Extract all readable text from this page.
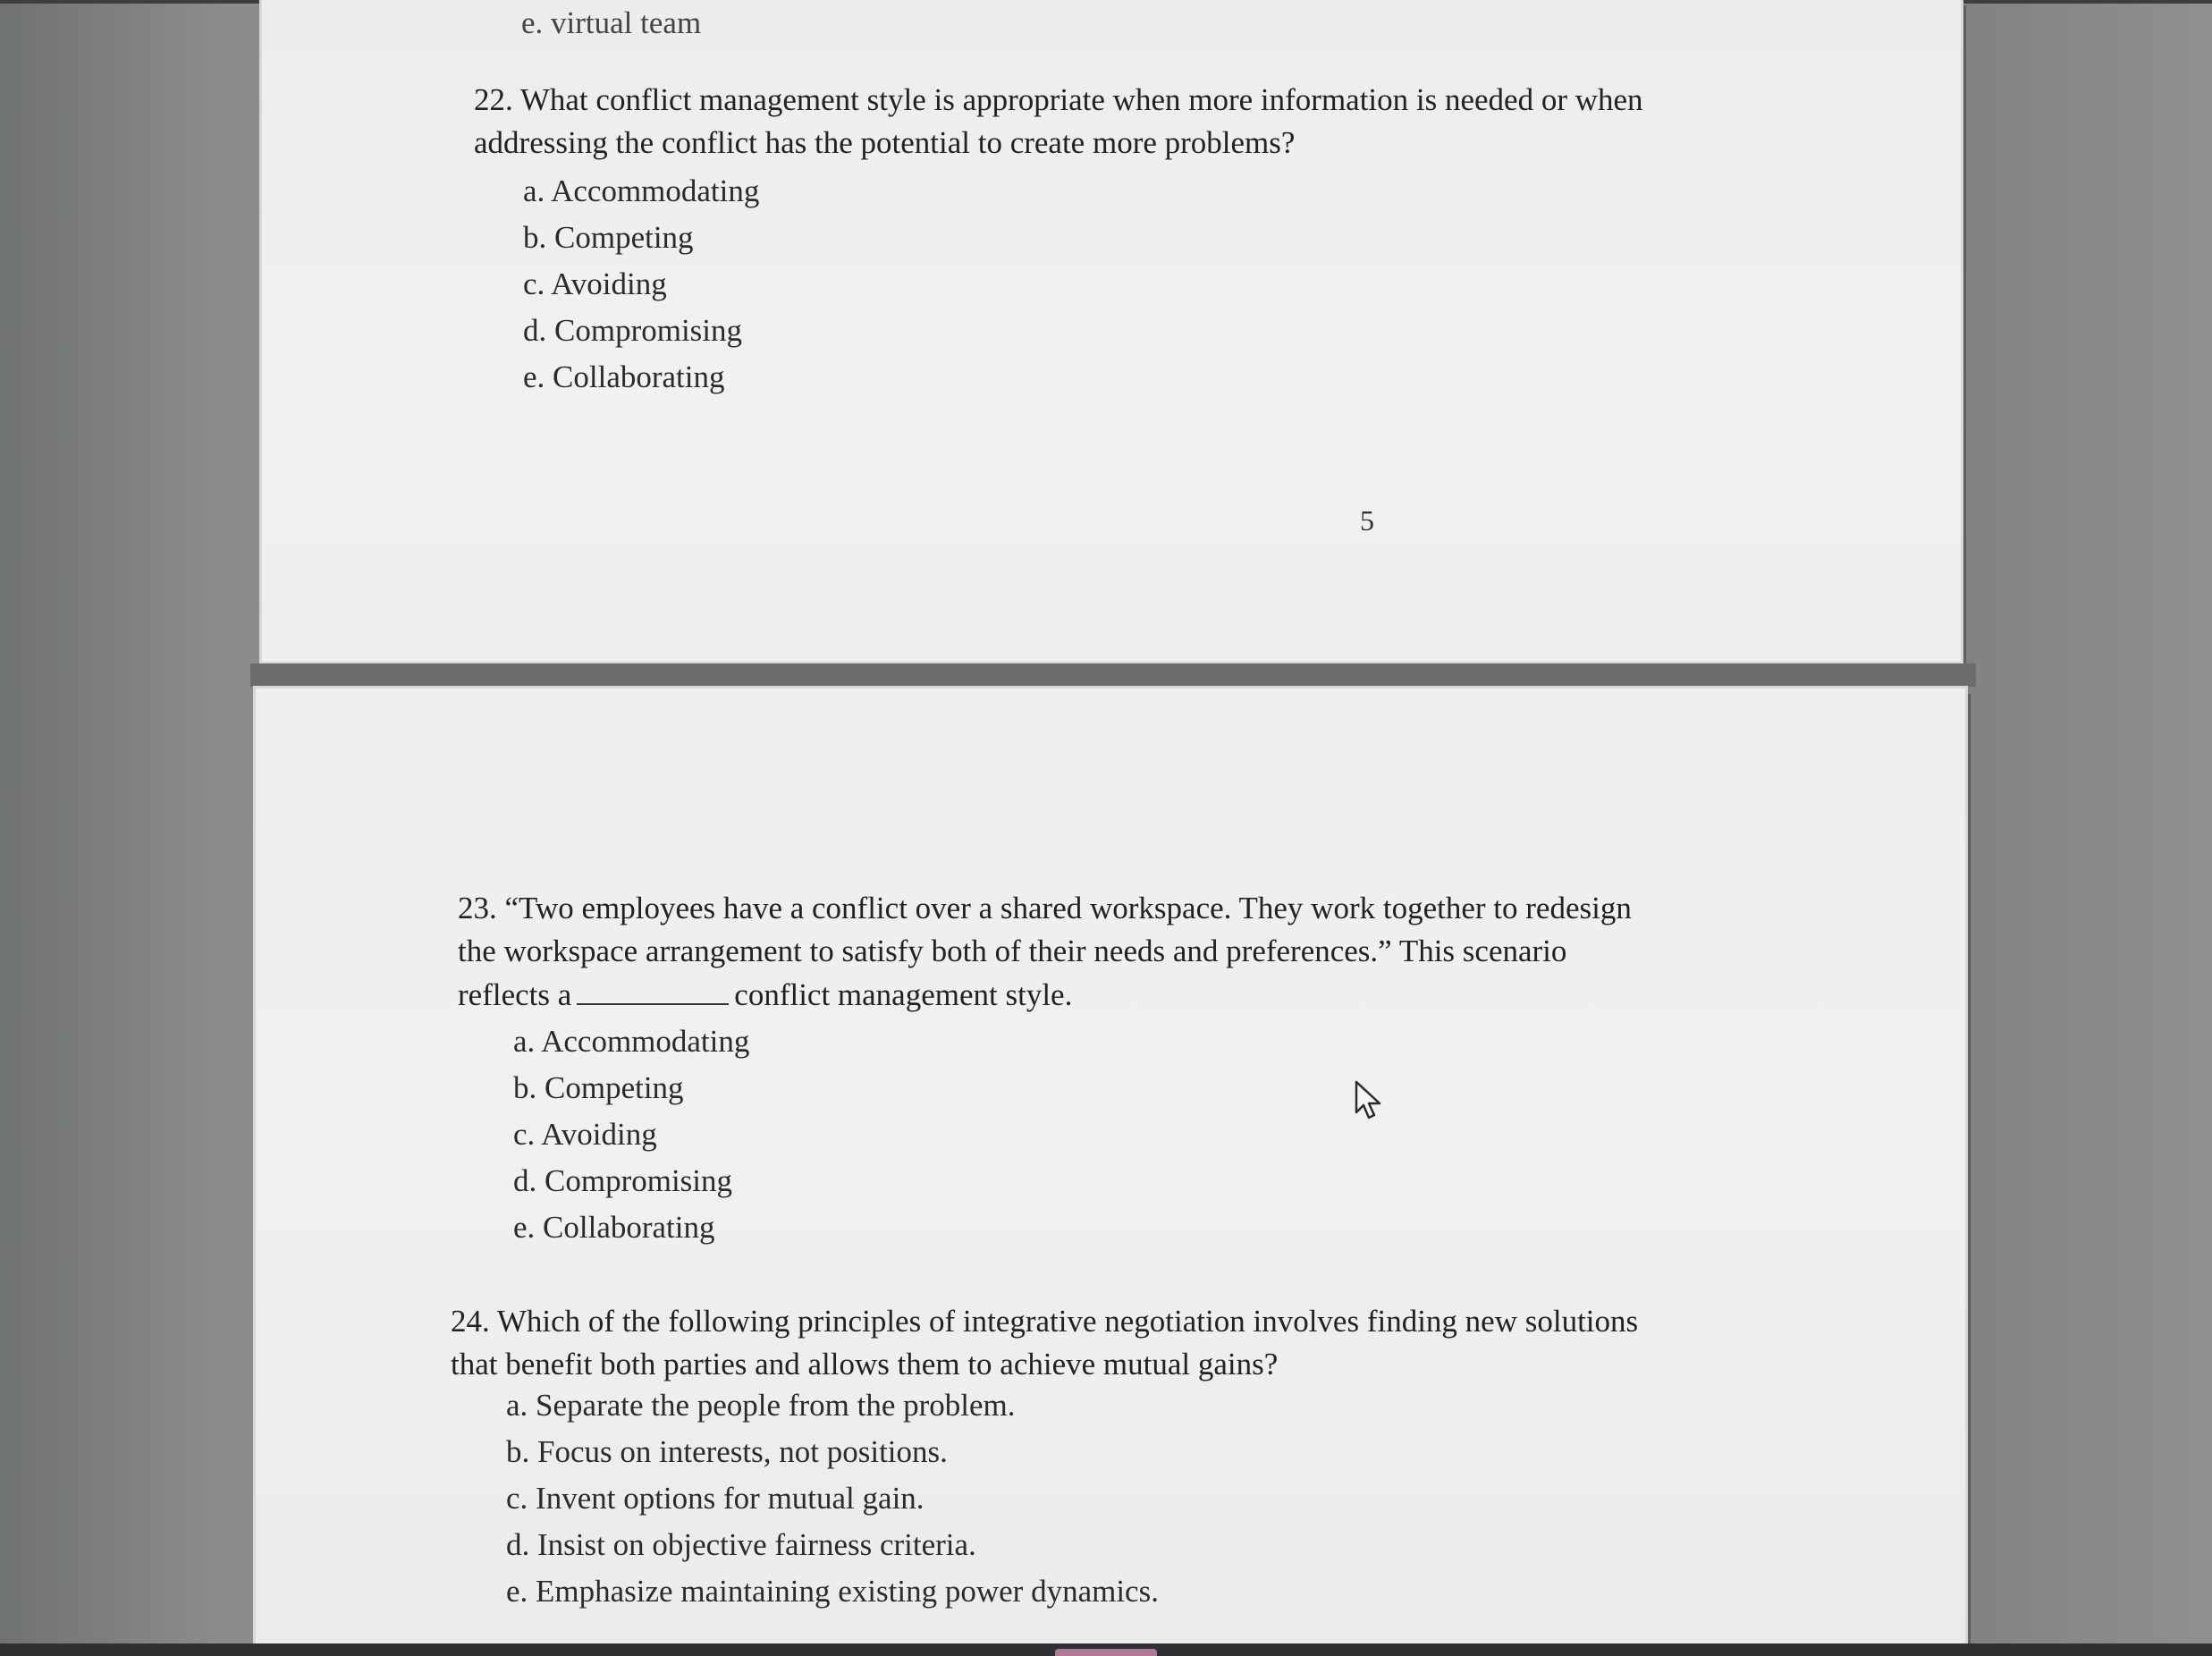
e. virtual team
22. What conflict management style is appropriate when more information is needed or when
addressing the conflict has the potential to create more problems?
a. Accommodating
b. Competing
c. Avoiding
d. Compromising
e. Collaborating
5
23. “Two employees have a conflict over a shared workspace. They work together to redesign
the workspace arrangement to satisfy both of their needs and preferences.” This scenario
reflects a	conflict management style.
a. Accommodating
b. Competing
c. Avoiding
d. Compromising
e. Collaborating
24. Which of the following principles of integrative negotiation involves finding new solutions
that benefit both parties and allows them to achieve mutual gains?
a. Separate the people from the problem.
b. Focus on interests, not positions.
c. Invent options for mutual gain.
d. Insist on objective fairness criteria.
e. Emphasize maintaining existing power dynamics.
